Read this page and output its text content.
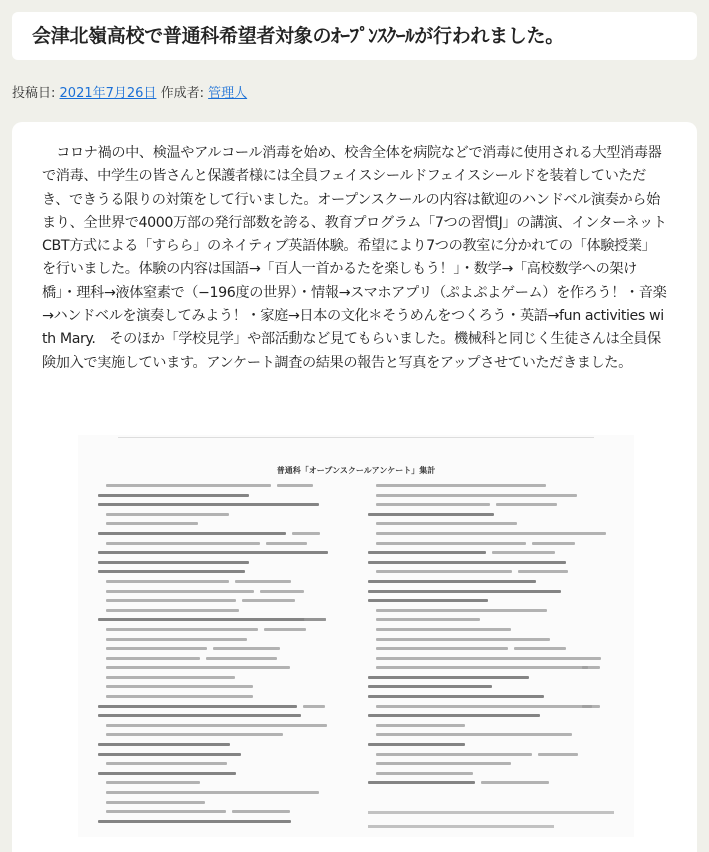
会津北嶺高校で普通科希望者対象のｵｰﾌﾟﾝｽｸｰﾙが行われました。
投稿日: 2021年7月26日 作成者: 管理人

コロナ禍の中、検温やアルコール消毒を始め、校舎全体を病院などで消毒に使用される大型消毒器で消毒、中学生の皆さんと保護者様には全員フェイスシールドフェイスシールドを装着していただき、できうる限りの対策をして行いました。オープンスクールの内容は歓迎のハンドベル演奏から始まり、全世界で4000万部の発行部数を誇る、教育プログラム「7つの習慣J」の講演、インターネットCBT方式による「すらら」のネイティブ英語体験。希望により7つの教室に分かれての「体験授業」を行いました。体験の内容は国語→「百人一首かるたを楽しもう！」・数学→「高校数学への架け橋」・理科→液体窒素で（−196度の世界）・情報→スマホアプリ（ぷよぷよゲーム）を作ろう！・音楽→ハンドベルを演奏してみよう！・家庭→日本の文化＊そうめんをつくろう・英語→fun activities with Mary.　そのほか「学校見学」や部活動など見てもらいました。機械科と同じく生徒さんは全員保険加入で実施しています。アンケート調査の結果の報告と写真をアップさせていただきました。

普通科「オープンスクールアンケート」集計
